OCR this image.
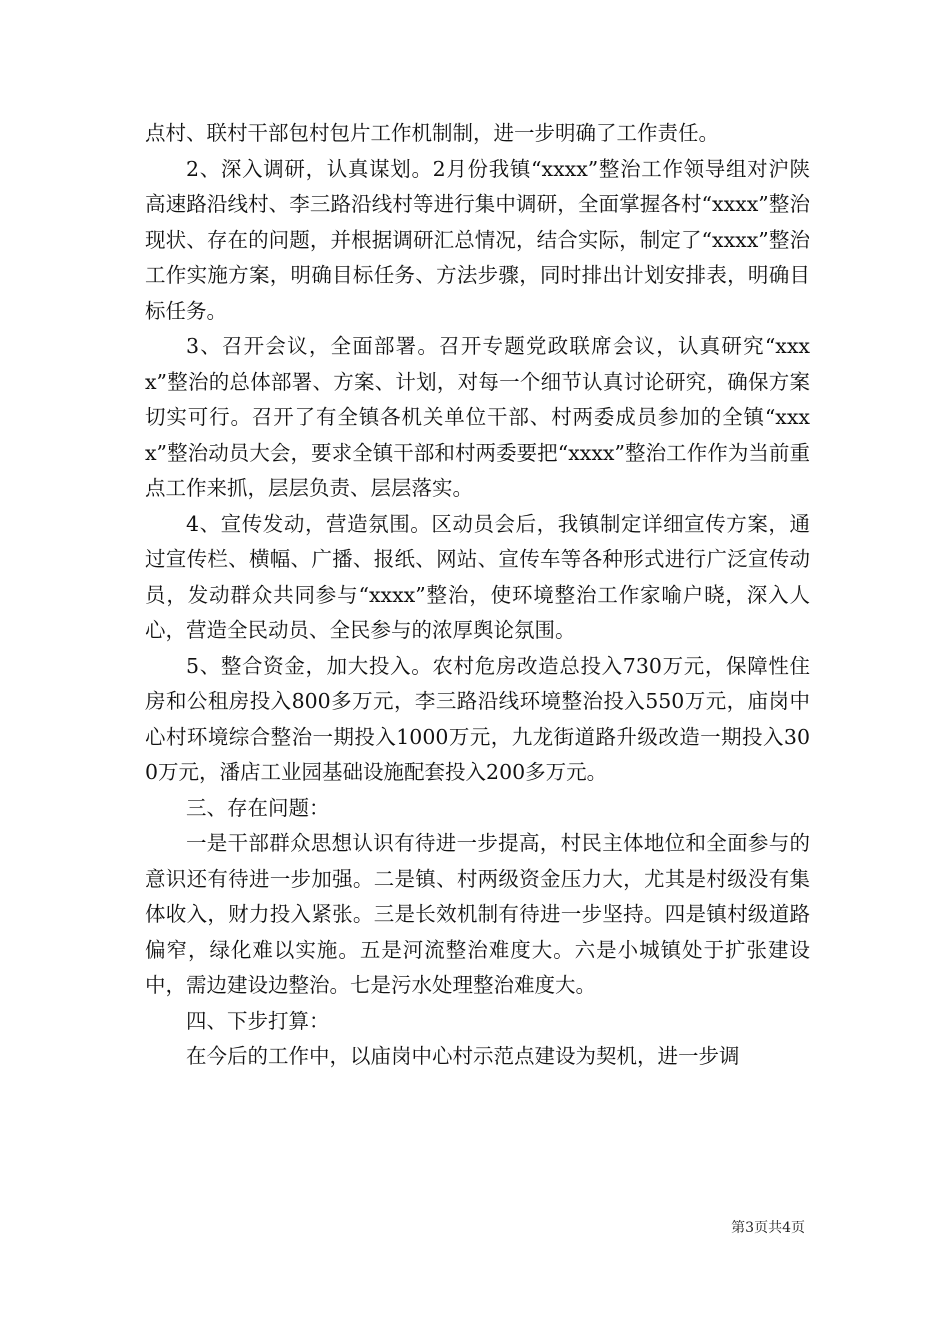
点村、联村干部包村包片工作机制制，进一步明确了工作责任。

2、深入调研，认真谋划。2月份我镇“xxxx”整治工作领导组对沪陕高速路沿线村、李三路沿线村等进行集中调研，全面掌握各村“xxxx”整治现状、存在的问题，并根据调研汇总情况，结合实际，制定了“xxxx”整治工作实施方案，明确目标任务、方法步骤，同时排出计划安排表，明确目标任务。

3、召开会议，全面部署。召开专题党政联席会议，认真研究“xxxx”整治的总体部署、方案、计划，对每一个细节认真讨论研究，确保方案切实可行。召开了有全镇各机关单位干部、村两委成员参加的全镇“xxxx”整治动员大会，要求全镇干部和村两委要把“xxxx”整治工作作为当前重点工作来抓，层层负责、层层落实。

4、宣传发动，营造氛围。区动员会后，我镇制定详细宣传方案，通过宣传栏、横幅、广播、报纸、网站、宣传车等各种形式进行广泛宣传动员，发动群众共同参与“xxxx”整治，使环境整治工作家喻户晓，深入人心，营造全民动员、全民参与的浓厚舆论氛围。

5、整合资金，加大投入。农村危房改造总投入730万元，保障性住房和公租房投入800多万元，李三路沿线环境整治投入550万元，庙岗中心村环境综合整治一期投入1000万元，九龙街道路升级改造一期投入300万元，潘店工业园基础设施配套投入200多万元。

三、存在问题：

一是干部群众思想认识有待进一步提高，村民主体地位和全面参与的意识还有待进一步加强。二是镇、村两级资金压力大，尤其是村级没有集体收入，财力投入紧张。三是长效机制有待进一步坚持。四是镇村级道路偏窄，绿化难以实施。五是河流整治难度大。六是小城镇处于扩张建设中，需边建设边整治。七是污水处理整治难度大。

四、下步打算：

在今后的工作中，以庙岗中心村示范点建设为契机，进一步调

第3页共4页
